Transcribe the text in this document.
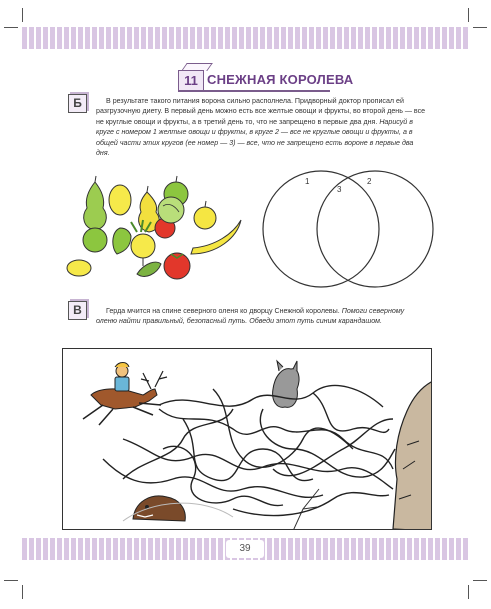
11 СНЕЖНАЯ КОРОЛЕВА
Б	В результате такого питания ворона сильно располнела. Придворный доктор прописал ей разгрузочную диету. В первый день можно есть все желтые овощи и фрукты, во второй день — все не круглые овощи и фрукты, а в третий день то, что не запрещено в первые два дня. Нарисуй в круге с номером 1 желтые овощи и фрукты, в круге 2 — все не круглые овощи и фрукты, а в общей части этих кругов (ее номер — 3) — все, что не запрещено есть вороне в первые два дня.
1
3
2
В	Герда мчится на спине северного оленя ко дворцу Снежной королевы. Помоги северному оленю найти правильный, безопасный путь. Обведи этот путь синим карандашом.
39
